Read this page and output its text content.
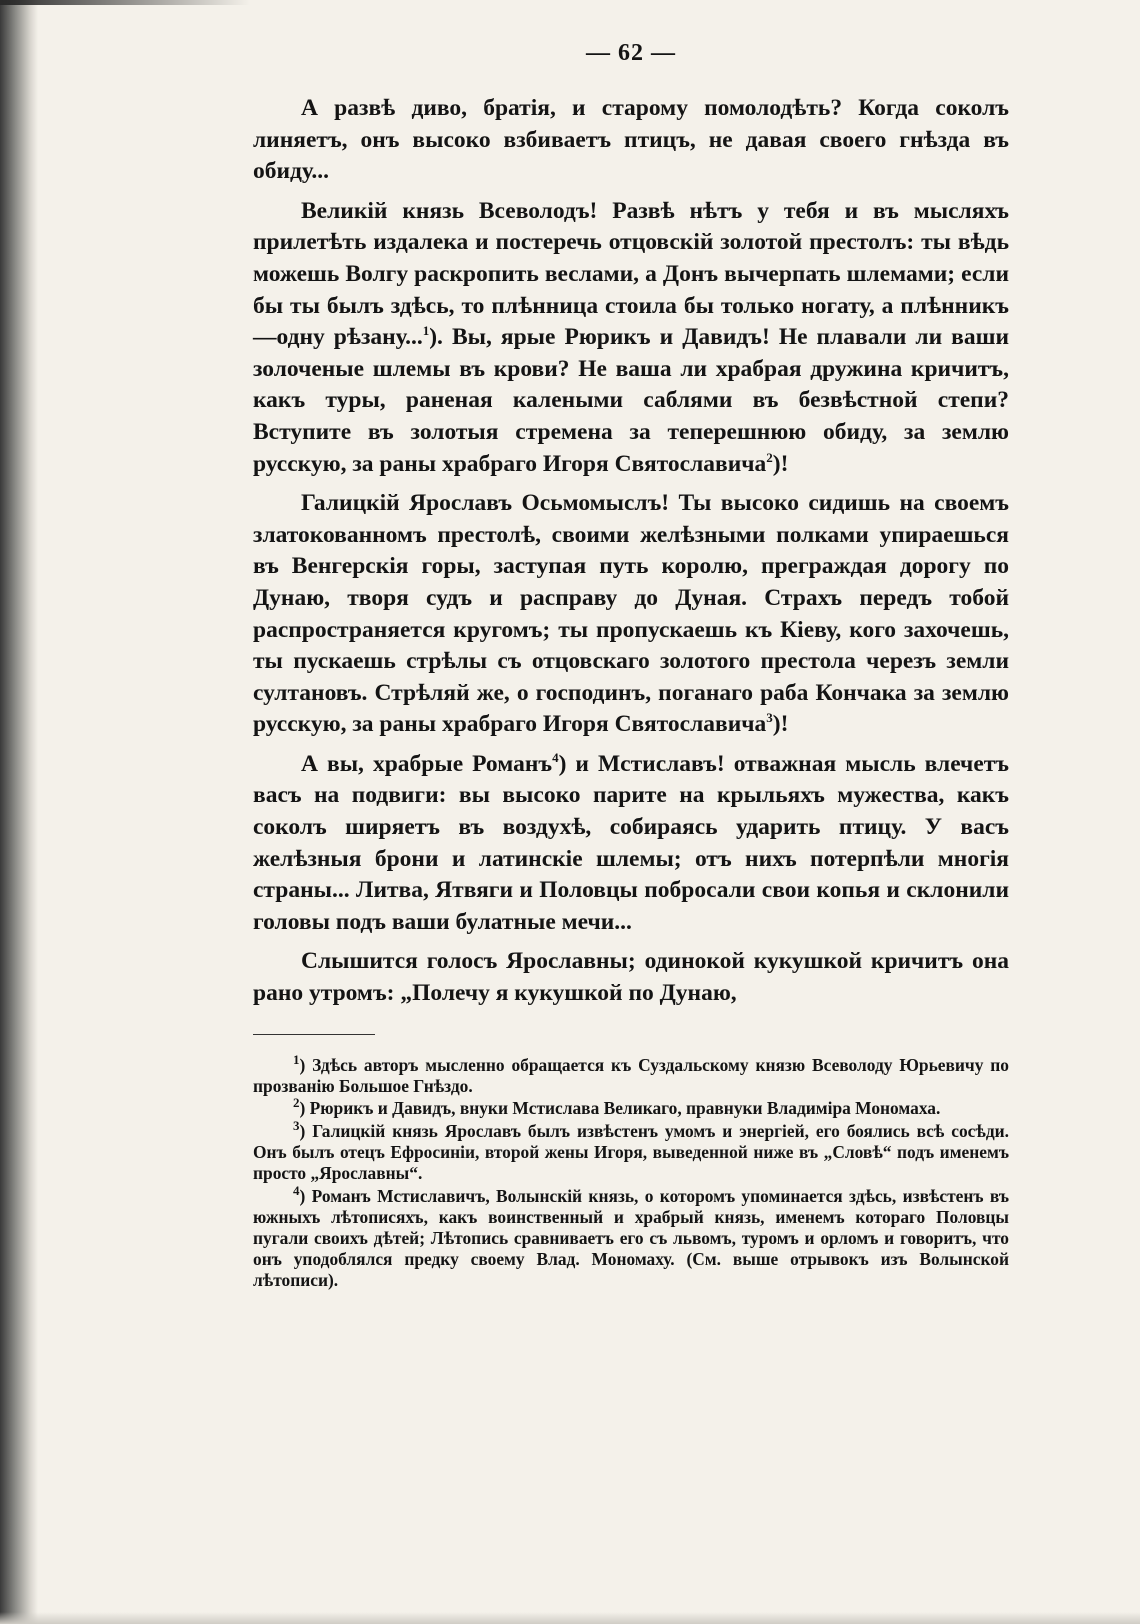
— 62 —

А развѣ диво, братія, и старому помолодѣть? Когда соколъ линяетъ, онъ высоко взбиваетъ птицъ, не давая своего гнѣзда въ обиду...

Великій князь Всеволодъ! Развѣ нѣтъ у тебя и въ мысляхъ прилетѣть издалека и постеречь отцовскій золотой престолъ: ты вѣдь можешь Волгу раскропить веслами, а Донъ вычерпать шлемами; если бы ты былъ здѣсь, то плѣнница стоила бы только ногату, а плѣнникъ—одну рѣзану...$^1$). Вы, ярые Рюрикъ и Давидъ! Не плавали ли ваши золоченые шлемы въ крови? Не ваша ли храбрая дружина кричитъ, какъ туры, раненая калеными саблями въ безвѣстной степи? Вступите въ золотыя стремена за теперешнюю обиду, за землю русскую, за раны храбраго Игоря Святославича$^2$)!

Галицкій Ярославъ Осьмомыслъ! Ты высоко сидишь на своемъ златокованномъ престолѣ, своими желѣзными полками упираешься въ Венгерскія горы, заступая путь королю, преграждая дорогу по Дунаю, творя судъ и расправу до Дуная. Страхъ передъ тобой распространяется кругомъ; ты пропускаешь къ Кіеву, кого захочешь, ты пускаешь стрѣлы съ отцовскаго золотого престола черезъ земли султановъ. Стрѣляй же, о господинъ, поганаго раба Кончака за землю русскую, за раны храбраго Игоря Святославича$^3$)!

А вы, храбрые Романъ$^4$) и Мстиславъ! отважная мысль влечетъ васъ на подвиги: вы высоко парите на крыльяхъ мужества, какъ соколъ ширяетъ въ воздухѣ, собираясь ударить птицу. У васъ желѣзныя брони и латинскіе шлемы; отъ нихъ потерпѣли многія страны... Литва, Ятвяги и Половцы побросали свои копья и склонили головы подъ ваши булатные мечи...

Слышится голосъ Ярославны; одинокой кукушкой кричитъ она рано утромъ: „Полечу я кукушкой по Дунаю,

$^1$) Здѣсь авторъ мысленно обращается къ Суздальскому князю Всеволоду Юрьевичу по прозванію Большое Гнѣздо.

$^2$) Рюрикъ и Давидъ, внуки Мстислава Великаго, правнуки Владиміра Мономаха.

$^3$) Галицкій князь Ярославъ былъ извѣстенъ умомъ и энергіей, его боялись всѣ сосѣди. Онъ былъ отецъ Ефросиніи, второй жены Игоря, выведенной ниже въ „Словѣ“ подъ именемъ просто „Ярославны“.

$^4$) Романъ Мстиславичъ, Волынскій князь, о которомъ упоминается здѣсь, извѣстенъ въ южныхъ лѣтописяхъ, какъ воинственный и храбрый князь, именемъ котораго Половцы пугали своихъ дѣтей; Лѣтопись сравниваетъ его съ львомъ, туромъ и орломъ и говоритъ, что онъ уподоблялся предку своему Влад. Мономаху. (См. выше отрывокъ изъ Волынской лѣтописи).
